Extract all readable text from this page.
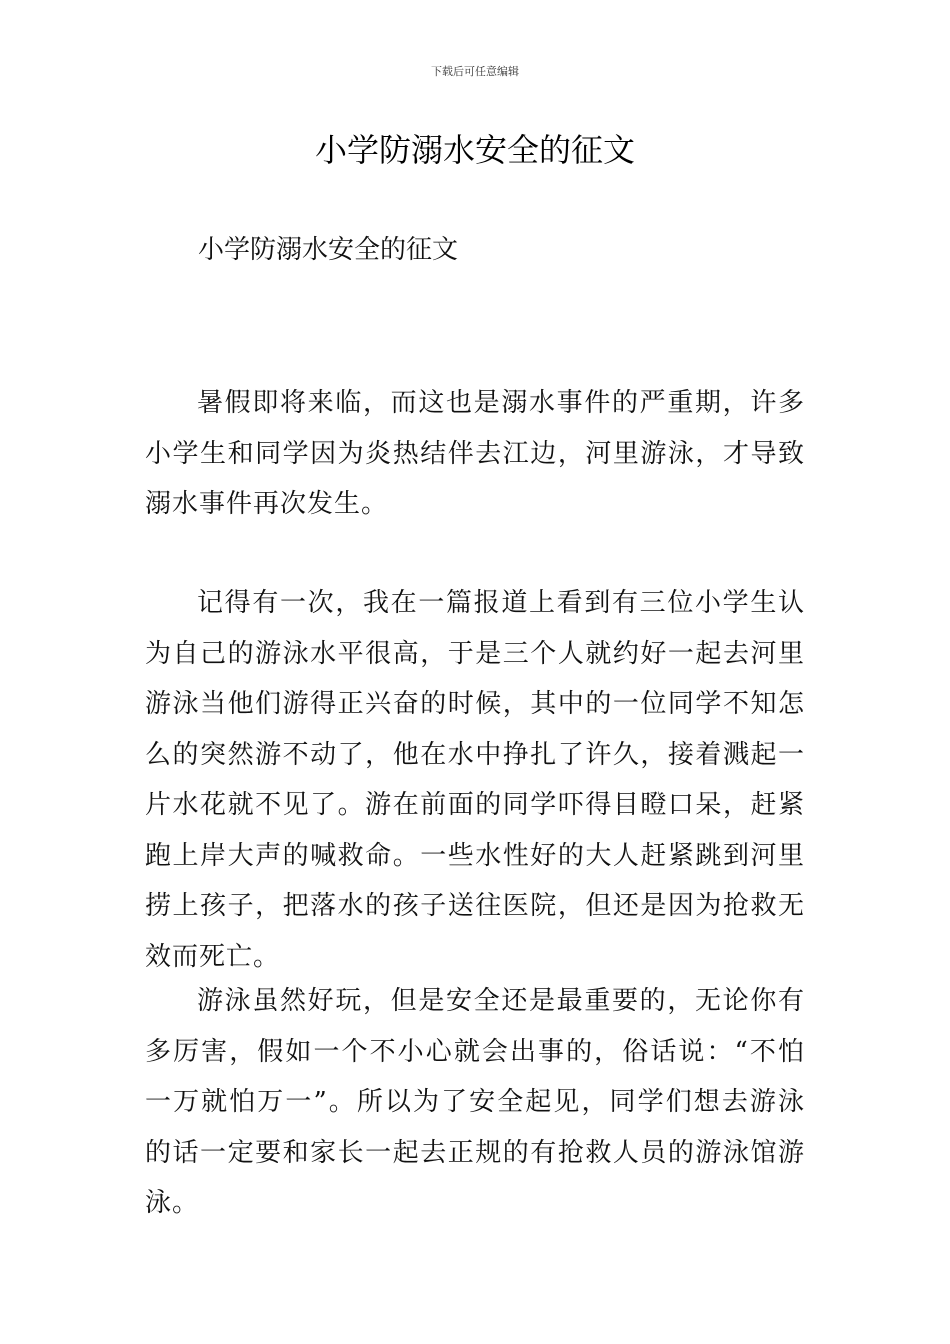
下载后可任意编辑
小学防溺水安全的征文
小学防溺水安全的征文

暑假即将来临，而这也是溺水事件的严重期，许多小学生和同学因为炎热结伴去江边，河里游泳，才导致溺水事件再次发生。

记得有一次，我在一篇报道上看到有三位小学生认为自己的游泳水平很高，于是三个人就约好一起去河里游泳当他们游得正兴奋的时候，其中的一位同学不知怎么的突然游不动了，他在水中挣扎了许久，接着溅起一片水花就不见了。游在前面的同学吓得目瞪口呆，赶紧跑上岸大声的喊救命。一些水性好的大人赶紧跳到河里捞上孩子，把落水的孩子送往医院，但还是因为抢救无效而死亡。

游泳虽然好玩，但是安全还是最重要的，无论你有多厉害，假如一个不小心就会出事的，俗话说：“不怕一万就怕万一”。所以为了安全起见，同学们想去游泳的话一定要和家长一起去正规的有抢救人员的游泳馆游泳。
